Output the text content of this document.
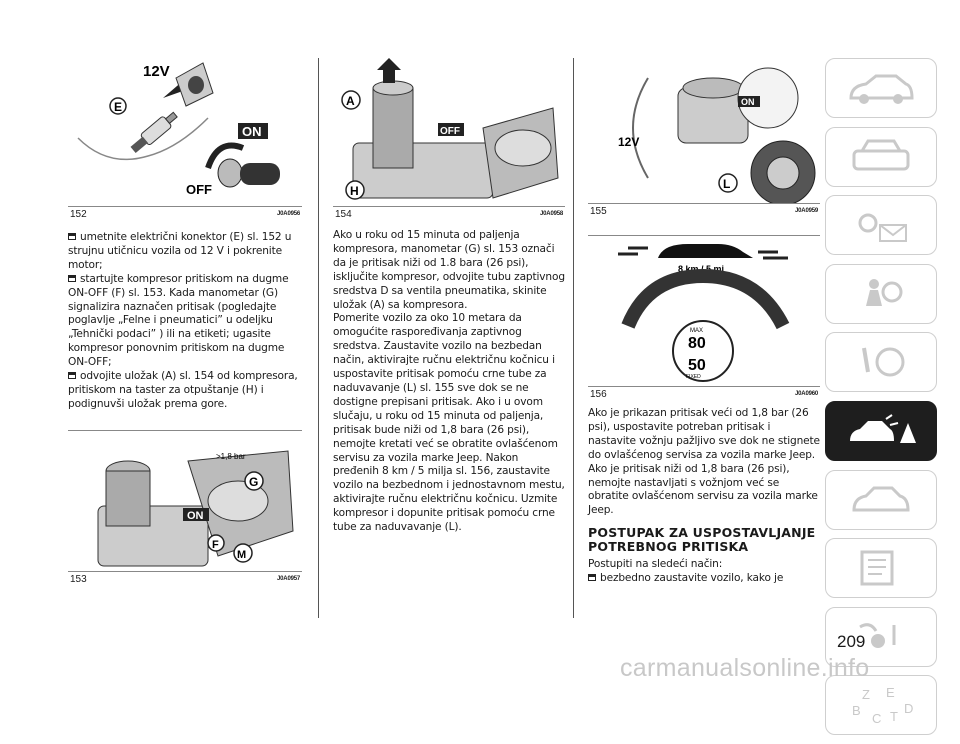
12V
E
ON
OFF
152	J0A0956

umetnite električni konektor (E) sl. 152 u strujnu utičnicu vozila od 12 V i pokrenite motor;

startujte kompresor pritiskom na dugme ON-OFF (F) sl. 153. Kada manometar (G) signalizira naznačen pritisak (pogledajte poglavlje „Felne i pneumatici” u odeljku „Tehnički podaci” ) ili na etiketi; ugasite kompresor ponovnim pritiskom na dugme ON-OFF;

odvojite uložak (A) sl. 154 od kompresora, pritiskom na taster za otpuštanje (H) i podignuvši uložak prema gore.

>1,8 bar
G
ON
F
M
153	J0A0957
A
H
OFF
154	J0A0958

Ako u roku od 15 minuta od paljenja kompresora, manometar (G) sl. 153 označi da je pritisak niži od 1.8 bara (26 psi), isključite kompresor, odvojite tubu zaptivnog sredstva D sa ventila pneumatika, skinite uložak (A) sa kompresora.

Pomerite vozilo za oko 10 metara da omogućite raspoređivanja zaptivnog sredstva. Zaustavite vozilo na bezbedan način, aktivirajte ručnu električnu kočnicu i uspostavite pritisak pomoću crne tube za naduvavanje (L) sl. 155 sve dok se ne dostigne prepisani pritisak. Ako i u ovom slučaju, u roku od 15 minuta od paljenja, pritisak bude niži od 1,8 bara (26 psi), nemojte kretati već se obratite ovlašćenom servisu za vozila marke Jeep. Nakon pređenih 8 km / 5 milja sl. 156, zaustavite vozilo na bezbednom i jednostavnom mestu, aktivirajte ručnu električnu kočnicu. Uzmite kompresor i dopunite pritisak pomoću crne tube za naduvavanje (L).

12V
ON
L
155	J0A0959
8 km / 5 mi
MAX
80
50
FIXED
156	J0A0960

Ako je prikazan pritisak veći od 1,8 bar (26 psi), uspostavite potreban pritisak i nastavite vožnju pažljivo sve dok ne stignete do ovlašćenog servisa za vozila marke Jeep. Ako je pritisak niži od 1,8 bara (26 psi), nemojte nastavljati s vožnjom već se obratite ovlašćenom servisu za vozila marke Jeep.

POSTUPAK ZA USPOSTAVLJANJE POTREBNOG PRITISKA

Postupiti na sledeći način:

bezbedno zaustavite vozilo, kako je

Z E
B
C T
D
209
carmanualsonline.info
